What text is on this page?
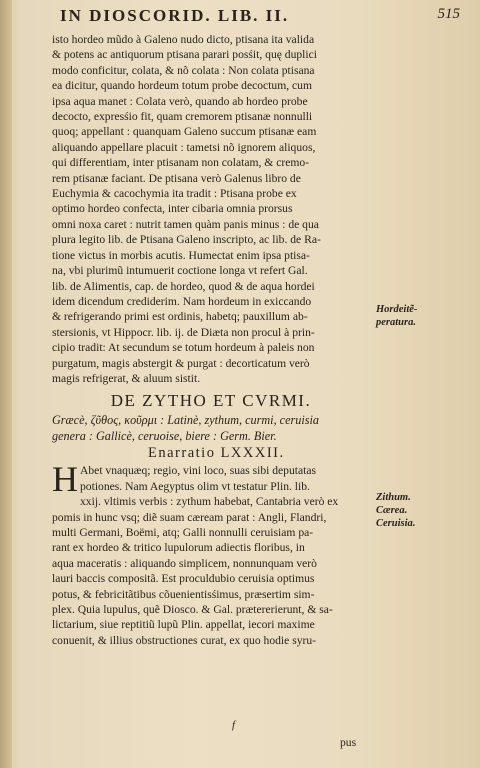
IN DIOSCORID. LIB. II.	515
isto hordeo mũdo à Galeno nudo dicto, ptisana ita valida
& potens ac antiquorum ptisana parari posśit, quę duplici
modo conficitur, colata, & nõ colata : Non colata ptisana
ea dicitur, quando hordeum totum probe decoctum, cum
ipsa aqua manet : Colata verò, quando ab hordeo probe
decocto, expresśio fit, quam cremorem ptisanæ nonnulli
quoq; appellant : quanquam Galeno succum ptisanæ eam
aliquando appellare placuit : tametsi nõ ignorem aliquos,
qui differentiam, inter ptisanam non colatam, & cremo-
rem ptisanæ faciant. De ptisana verò Galenus libro de
Euchymia & cacochymia ita tradit : Ptisana probe ex
optimo hordeo confecta, inter cibaria omnia prorsus
omni noxa caret : nutrit tamen quàm panis minus : de qua
plura legito lib. de Ptisana Galeno inscripto, ac lib. de Ra-
tione victus in morbis acutis. Humectat enim ipsa ptisa-
na, vbi plurimũ intumuerit coctione longa vt refert Gal.
lib. de Alimentis, cap. de hordeo, quod & de aqua hordei
idem dicendum crediderim. Nam hordeum in exiccando
& refrigerando primi est ordinis, habetq; pauxillum ab-
stersionis, vt Hippocr. lib. ij. de Diæta non procul à prin-
cipio tradit: At secundum se totum hordeum à paleis non
purgatum, magis abstergit & purgat : decorticatum verò
magis refrigerat, & aluum sistit.
DE ZYTHO ET CVRMI.
Græcè, ζῦθος, κοῦρμι : Latinè, zythum, curmi, ceruisia
genera : Gallicè, ceruoise, biere : Germ. Bier.
Enarratio LXXXII.
H Abet vnaquæq; regio, vini loco, suas sibi deputatas
potiones. Nam Aegyptus olim vt testatur Plin. lib.
xxij. vltimis verbis : zythum habebat, Cantabria verò ex
pomis in hunc vsq; diẽ suam cæream parat : Angli, Flandri,
multi Germani, Boëmi, atq; Galli nonnulli ceruisiam pa-
rant ex hordeo & tritico lupulorum adiectis floribus, in
aqua maceratis : aliquando simplicem, nonnunquam verò
lauri baccis compositã. Est proculdubio ceruisia optimus
potus, & febricitãtibus cõuenientisśimus, præsertim sim-
plex. Quia lupulus, quẽ Diosco. & Gal. prætererierunt, & sa-
lictarium, siue reptitiũ lupũ Plin. appellat, iecori maxime
conuenit, & illius obstructiones curat, ex quo hodie syru-
Hordeitẽ-
peratura.
Zithum.
Cærea.
Ceruisia.
f
pus
